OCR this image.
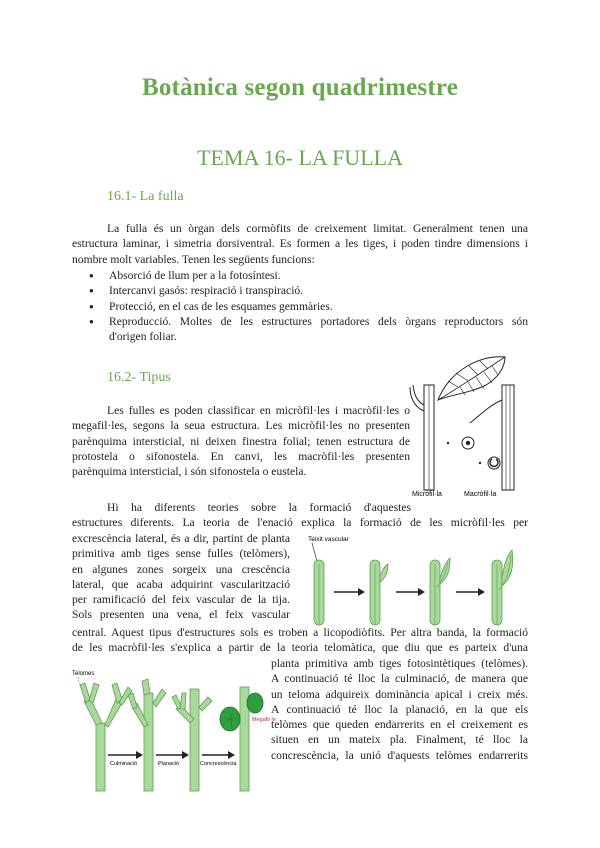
Botànica segon quadrimestre
TEMA 16- LA FULLA
16.1- La fulla
La fulla és un òrgan dels cormòfits de creixement limitat. Generalment tenen una
estructura laminar, i simetria dorsiventral. Es formen a les tiges, i poden tindre dimensions i
nombre molt variables. Tenen les següents funcions:
● Absorció de llum per a la fotosíntesi.
● Intercanvi gasós: respiració i transpiració.
● Protecció, en el cas de les esquames gemmàries.
● Reproducció. Moltes de les estructures portadores dels òrgans reproductors són
d'origen foliar.
16.2- Tipus
Les fulles es poden classificar en micròfil·les i macròfil·les o
megafil·les, segons la seua estructura. Les micròfil·les no presenten
parènquima intersticial, ni deixen finestra folial; tenen estructura de
protostela o sifonostela. En canvi, les macròfil·les presenten
parènquima intersticial, i són sifonostela o eustela.
Micròfil·la	Macròfil·la
Hi ha diferents teories sobre la formació d'aquestes
estructures diferents. La teoria de l'enació explica la formació de les micròfil·les per
excrescència lateral, és a dir, partint de planta
primitiva amb tiges sense fulles (telòmers),
en algunes zones sorgeix una crescència
lateral, que acaba adquirint vascularització
per ramificació del feix vascular de la tija.
Sols presenten una vena, el feix vascular
Teixit vascular
central. Aquest tipus d'estructures sols es troben a licopodiòfits. Per altra banda, la formació
de les macròfil·les s'explica a partir de la teoria telomàtica, que diu que es parteix d'una
Telomes
Culminació	Planació	Concrescència
Megafil·le
planta primitiva amb tiges fotosintètiques (telòmes).
A continuació té lloc la culminació, de manera que
un teloma adquireix dominància apical i creix més.
A continuació té lloc la planació, en la que els
telòmes que queden endarrerits en el creixement es
situen en un mateix pla. Finalment, té lloc la
concrescència, la unió d'aquests telòmes endarrerits
